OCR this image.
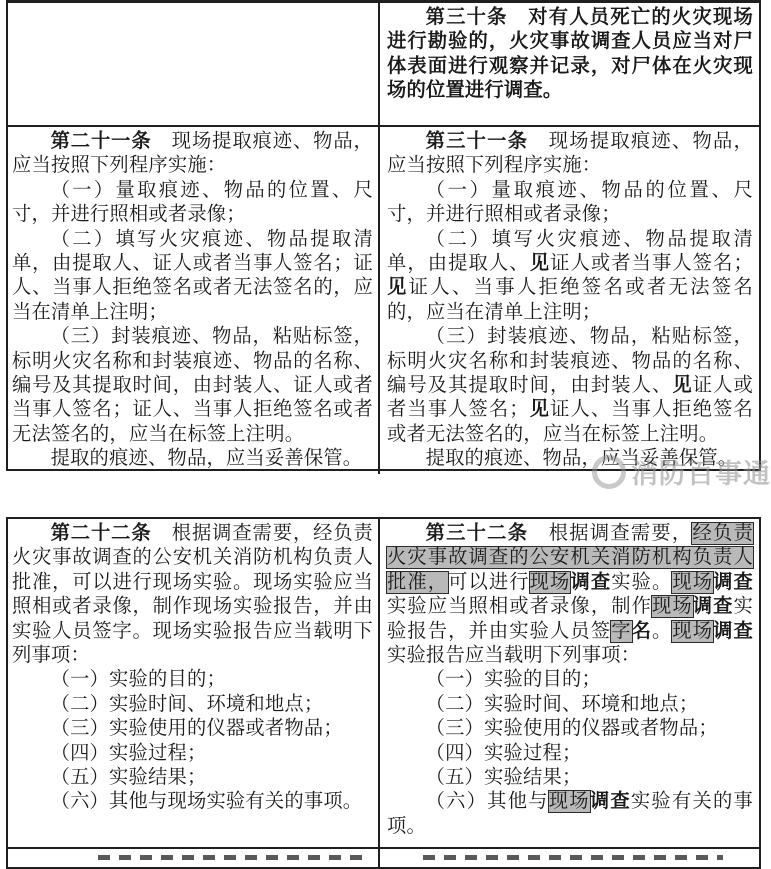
第三十条　对有人员死亡的火灾现场进行勘验的，火灾事故调查人员应当对尸体表面进行观察并记录，对尸体在火灾现场的位置进行调查。

第二十一条　现场提取痕迹、物品，应当按照下列程序实施：

（一）量取痕迹、物品的位置、尺寸，并进行照相或者录像；

（二）填写火灾痕迹、物品提取清单，由提取人、证人或者当事人签名；证人、当事人拒绝签名或者无法签名的，应当在清单上注明；

（三）封装痕迹、物品，粘贴标签，标明火灾名称和封装痕迹、物品的名称、编号及其提取时间，由封装人、证人或者当事人签名；证人、当事人拒绝签名或者无法签名的，应当在标签上注明。

提取的痕迹、物品，应当妥善保管。

第三十一条　现场提取痕迹、物品，应当按照下列程序实施：

（一）量取痕迹、物品的位置、尺寸，并进行照相或者录像；

（二）填写火灾痕迹、物品提取清单，由提取人、见证人或者当事人签名；见证人、当事人拒绝签名或者无法签名的，应当在清单上注明；

（三）封装痕迹、物品，粘贴标签，标明火灾名称和封装痕迹、物品的名称、编号及其提取时间，由封装人、见证人或者当事人签名；见证人、当事人拒绝签名或者无法签名的，应当在标签上注明。

提取的痕迹、物品，应当妥善保管。

消防百事通

第二十二条　根据调查需要，经负责火灾事故调查的公安机关消防机构负责人批准，可以进行现场实验。现场实验应当照相或者录像，制作现场实验报告，并由实验人员签字。现场实验报告应当载明下列事项：

（一）实验的目的；

（二）实验时间、环境和地点；

（三）实验使用的仪器或者物品；

（四）实验过程；

（五）实验结果；

（六）其他与现场实验有关的事项。

第三十二条　根据调查需要，经负责火灾事故调查的公安机关消防机构负责人批准，可以进行现场调查实验。现场调查实验应当照相或者录像，制作现场调查实验报告，并由实验人员签字名。现场调查实验报告应当载明下列事项：

（一）实验的目的；

（二）实验时间、环境和地点；

（三）实验使用的仪器或者物品；

（四）实验过程；

（五）实验结果；

（六）其他与现场调查实验有关的事项。
